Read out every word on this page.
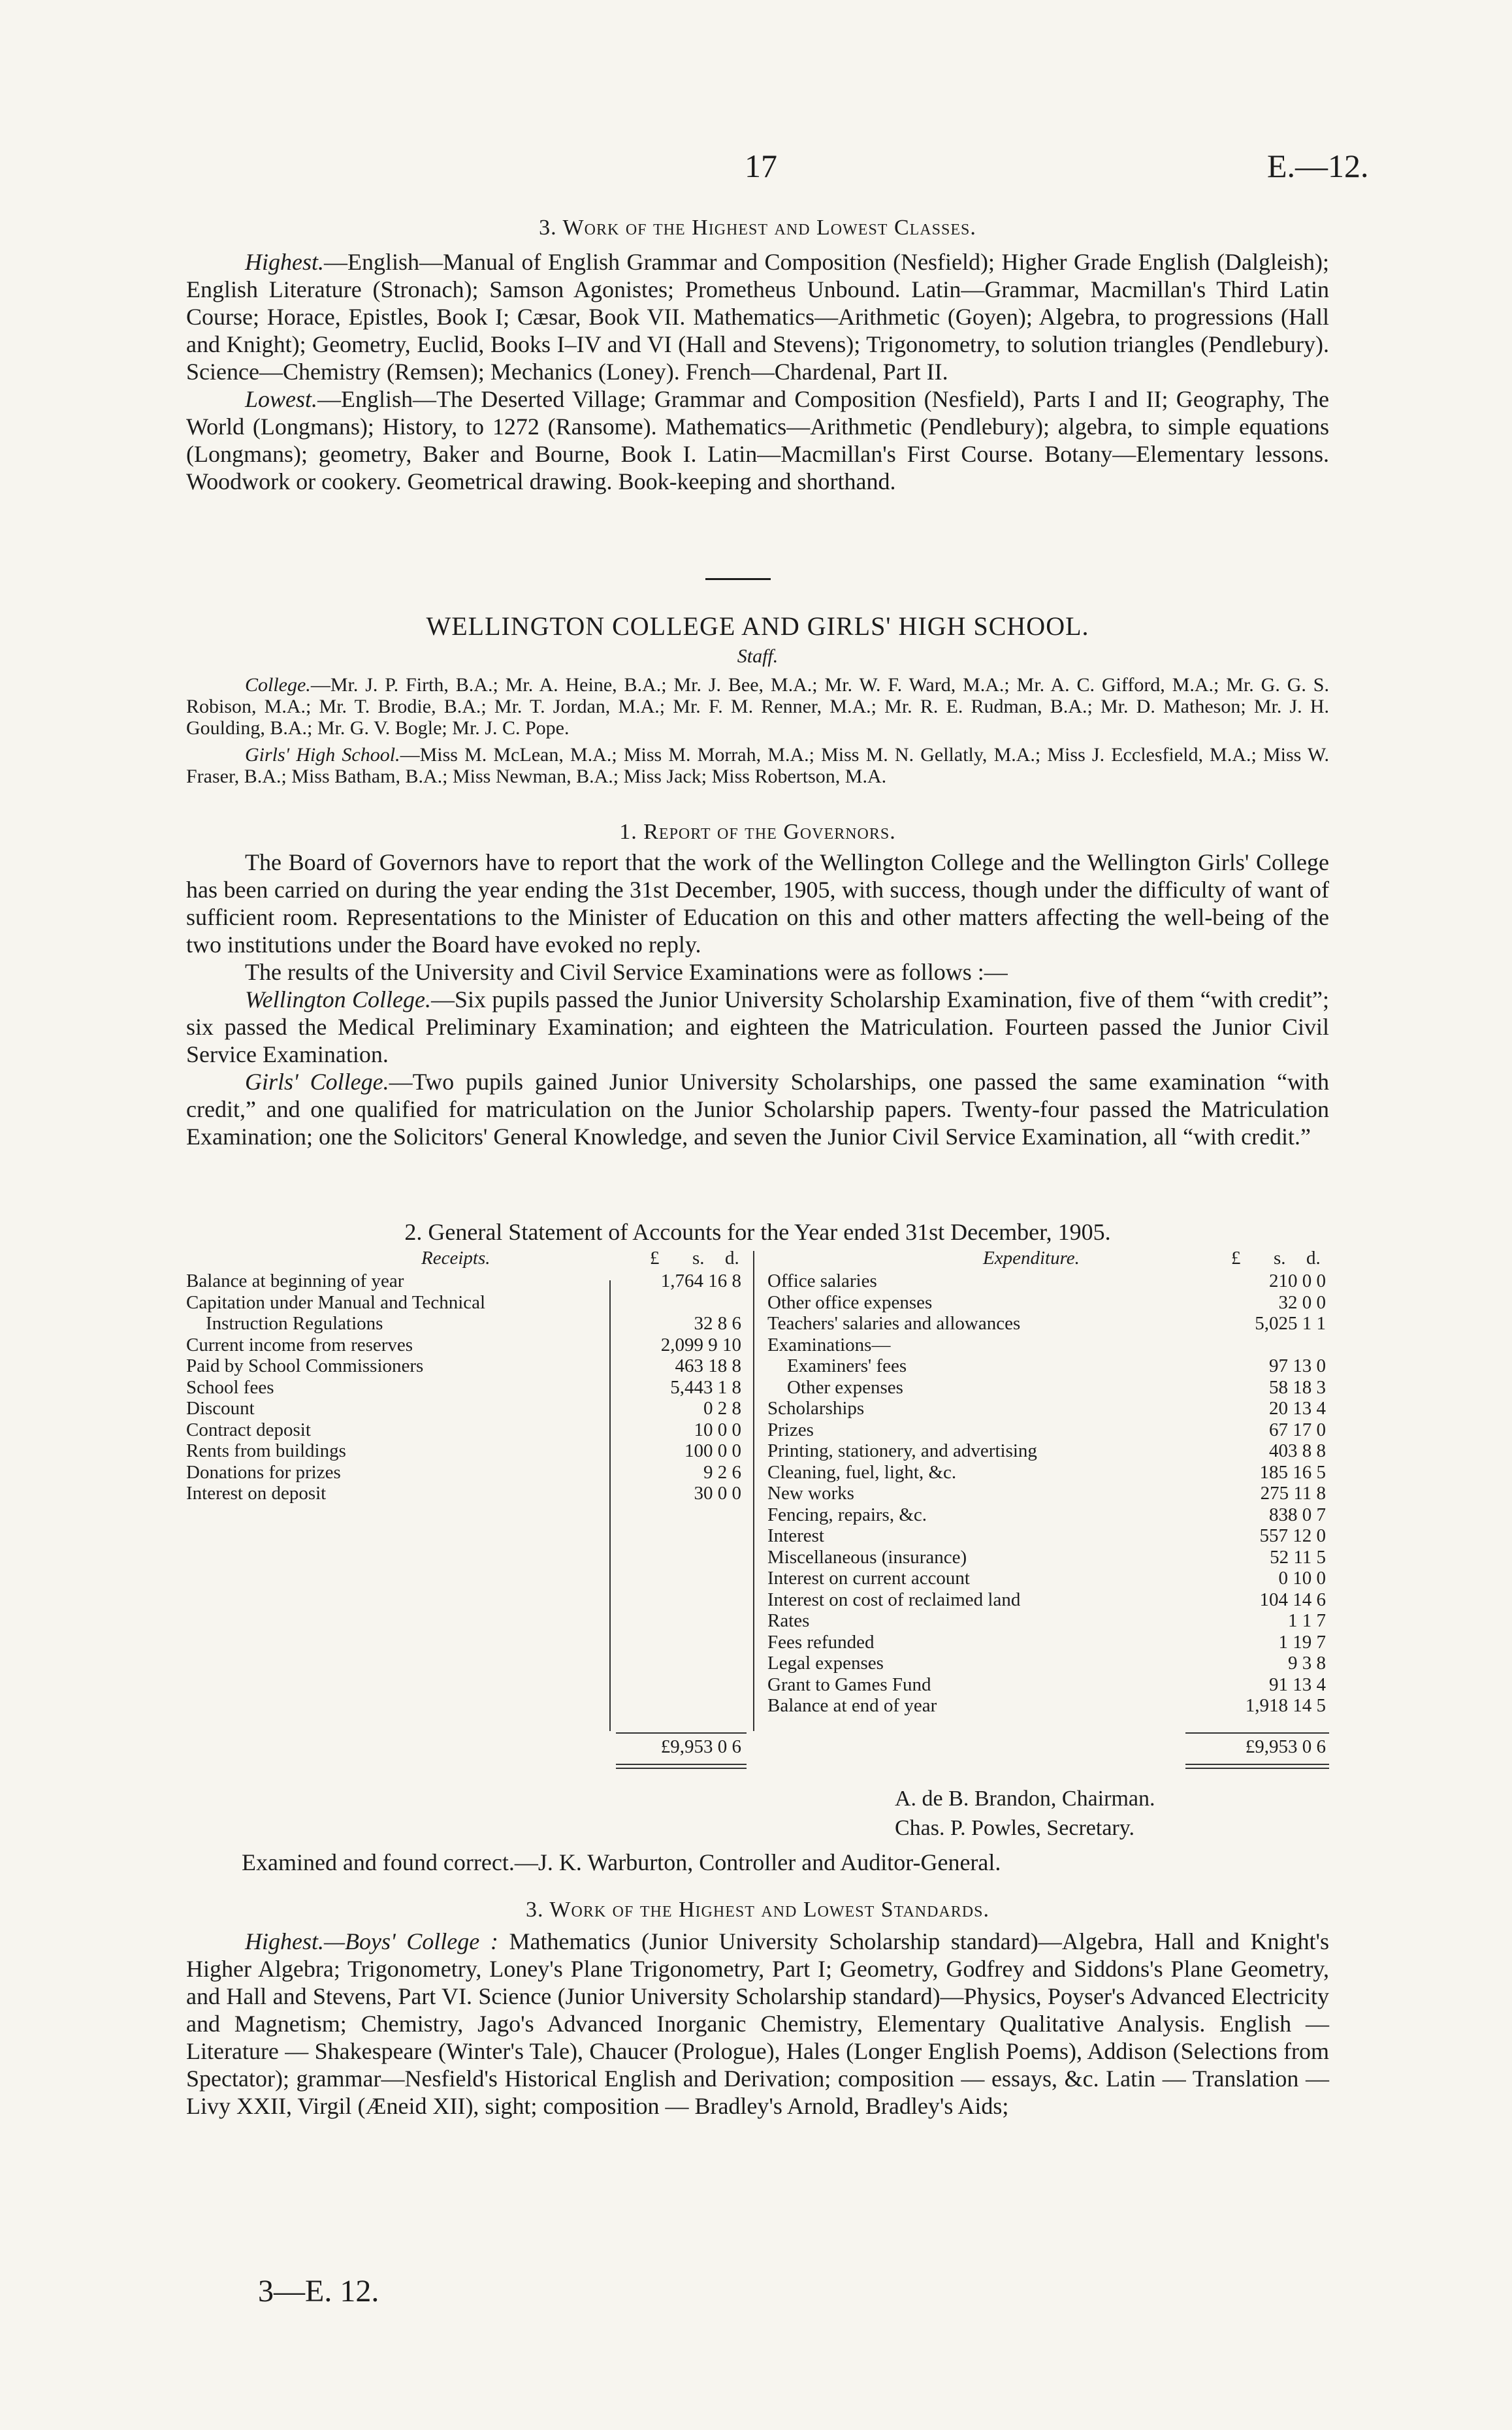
17	E.—12.
3. Work of the Highest and Lowest Classes.

Highest.—English—Manual of English Grammar and Composition (Nesfield); Higher Grade English (Dalgleish); English Literature (Stronach); Samson Agonistes; Prometheus Unbound. Latin—Grammar, Macmillan's Third Latin Course; Horace, Epistles, Book I; Cæsar, Book VII. Mathematics—Arithmetic (Goyen); Algebra, to progressions (Hall and Knight); Geometry, Euclid, Books I–IV and VI (Hall and Stevens); Trigonometry, to solution triangles (Pendlebury). Science—Chemistry (Remsen); Mechanics (Loney). French—Chardenal, Part II.

Lowest.—English—The Deserted Village; Grammar and Composition (Nesfield), Parts I and II; Geography, The World (Longmans); History, to 1272 (Ransome). Mathematics—Arithmetic (Pendlebury); algebra, to simple equations (Longmans); geometry, Baker and Bourne, Book I. Latin—Macmillan's First Course. Botany—Elementary lessons. Woodwork or cookery. Geometrical drawing. Book-keeping and shorthand.

WELLINGTON COLLEGE AND GIRLS' HIGH SCHOOL.
Staff.

College.—Mr. J. P. Firth, B.A.; Mr. A. Heine, B.A.; Mr. J. Bee, M.A.; Mr. W. F. Ward, M.A.; Mr. A. C. Gifford, M.A.; Mr. G. G. S. Robison, M.A.; Mr. T. Brodie, B.A.; Mr. T. Jordan, M.A.; Mr. F. M. Renner, M.A.; Mr. R. E. Rudman, B.A.; Mr. D. Matheson; Mr. J. H. Goulding, B.A.; Mr. G. V. Bogle; Mr. J. C. Pope.

Girls' High School.—Miss M. McLean, M.A.; Miss M. Morrah, M.A.; Miss M. N. Gellatly, M.A.; Miss J. Ecclesfield, M.A.; Miss W. Fraser, B.A.; Miss Batham, B.A.; Miss Newman, B.A.; Miss Jack; Miss Robertson, M.A.

1. Report of the Governors.

The Board of Governors have to report that the work of the Wellington College and the Wellington Girls' College has been carried on during the year ending the 31st December, 1905, with success, though under the difficulty of want of sufficient room. Representations to the Minister of Education on this and other matters affecting the well-being of the two institutions under the Board have evoked no reply.

The results of the University and Civil Service Examinations were as follows :—

Wellington College.—Six pupils passed the Junior University Scholarship Examination, five of them “with credit”; six passed the Medical Preliminary Examination; and eighteen the Matriculation. Fourteen passed the Junior Civil Service Examination.

Girls' College.—Two pupils gained Junior University Scholarships, one passed the same examination “with credit,” and one qualified for matriculation on the Junior Scholarship papers. Twenty-four passed the Matriculation Examination; one the Solicitors' General Knowledge, and seven the Junior Civil Service Examination, all “with credit.”

2. General Statement of Accounts for the Year ended 31st December, 1905.
Receipts.	£ s. d.	Expenditure.	£ s. d.
Balance at beginning of year	1,764 16 8
Capitation under Manual and Technical
Instruction Regulations	32 8 6
Current income from reserves	2,099 9 10
Paid by School Commissioners	463 18 8
School fees	5,443 1 8
Discount	0 2 8
Contract deposit	10 0 0
Rents from buildings	100 0 0
Donations for prizes	9 2 6
Interest on deposit	30 0 0
Office salaries	210 0 0
Other office expenses	32 0 0
Teachers' salaries and allowances	5,025 1 1
Examinations—
Examiners' fees	97 13 0
Other expenses	58 18 3
Scholarships	20 13 4
Prizes	67 17 0
Printing, stationery, and advertising	403 8 8
Cleaning, fuel, light, &c.	185 16 5
New works	275 11 8
Fencing, repairs, &c.	838 0 7
Interest	557 12 0
Miscellaneous (insurance)	52 11 5
Interest on current account	0 10 0
Interest on cost of reclaimed land	104 14 6
Rates	1 1 7
Fees refunded	1 19 7
Legal expenses	9 3 8
Grant to Games Fund	91 13 4
Balance at end of year	1,918 14 5
£9,953 0 6	£9,953 0 6
A. de B. Brandon, Chairman.
Chas. P. Powles, Secretary.
Examined and found correct.—J. K. Warburton, Controller and Auditor-General.
3. Work of the Highest and Lowest Standards.

Highest.—Boys' College : Mathematics (Junior University Scholarship standard)—Algebra, Hall and Knight's Higher Algebra; Trigonometry, Loney's Plane Trigonometry, Part I; Geometry, Godfrey and Siddons's Plane Geometry, and Hall and Stevens, Part VI. Science (Junior University Scholarship standard)—Physics, Poyser's Advanced Electricity and Magnetism; Chemistry, Jago's Advanced Inorganic Chemistry, Elementary Qualitative Analysis. English — Literature — Shakespeare (Winter's Tale), Chaucer (Prologue), Hales (Longer English Poems), Addison (Selections from Spectator); grammar—Nesfield's Historical English and Derivation; composition — essays, &c. Latin — Translation — Livy XXII, Virgil (Æneid XII), sight; composition — Bradley's Arnold, Bradley's Aids;

3—E. 12.
